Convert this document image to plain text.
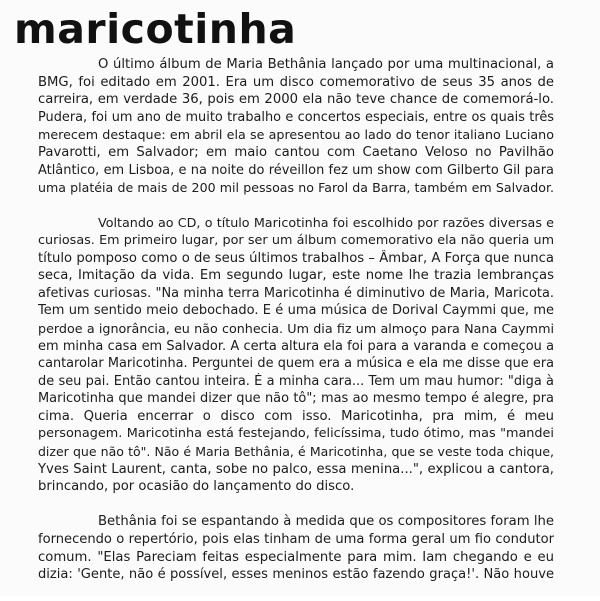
maricotinha

O último álbum de Maria Bethânia lançado por uma multinacional, a
BMG, foi editado em 2001. Era um disco comemorativo de seus 35 anos de
carreira, em verdade 36, pois em 2000 ela não teve chance de comemorá-lo.
Pudera, foi um ano de muito trabalho e concertos especiais, entre os quais três
merecem destaque: em abril ela se apresentou ao lado do tenor italiano Luciano
Pavarotti, em Salvador; em maio cantou com Caetano Veloso no Pavilhão
Atlântico, em Lisboa, e na noite do réveillon fez um show com Gilberto Gil para
uma platéia de mais de 200 mil pessoas no Farol da Barra, também em Salvador.

Voltando ao CD, o título Maricotinha foi escolhido por razões diversas e
curiosas. Em primeiro lugar, por ser um álbum comemorativo ela não queria um
título pomposo como o de seus últimos trabalhos – Âmbar, A Força que nunca
seca, Imitação da vida. Em segundo lugar, este nome lhe trazia lembranças
afetivas curiosas. "Na minha terra Maricotinha é diminutivo de Maria, Maricota.
Tem um sentido meio debochado. E é uma música de Dorival Caymmi que, me
perdoe a ignorância, eu não conhecia. Um dia fiz um almoço para Nana Caymmi
em minha casa em Salvador. A certa altura ela foi para a varanda e começou a
cantarolar Maricotinha. Perguntei de quem era a música e ela me disse que era
de seu pai. Então cantou inteira. É a minha cara... Tem um mau humor: "diga à
Maricotinha que mandei dizer que não tô"; mas ao mesmo tempo é alegre, pra
cima. Queria encerrar o disco com isso. Maricotinha, pra mim, é meu
personagem. Maricotinha está festejando, felicíssima, tudo ótimo, mas "mandei
dizer que não tô". Não é Maria Bethânia, é Maricotinha, que se veste toda chique,
Yves Saint Laurent, canta, sobe no palco, essa menina...", explicou a cantora,
brincando, por ocasião do lançamento do disco.

Bethânia foi se espantando à medida que os compositores foram lhe
fornecendo o repertório, pois elas tinham de uma forma geral um fio condutor
comum. "Elas Pareciam feitas especialmente para mim. Iam chegando e eu
dizia: 'Gente, não é possível, esses meninos estão fazendo graça!'. Não houve
